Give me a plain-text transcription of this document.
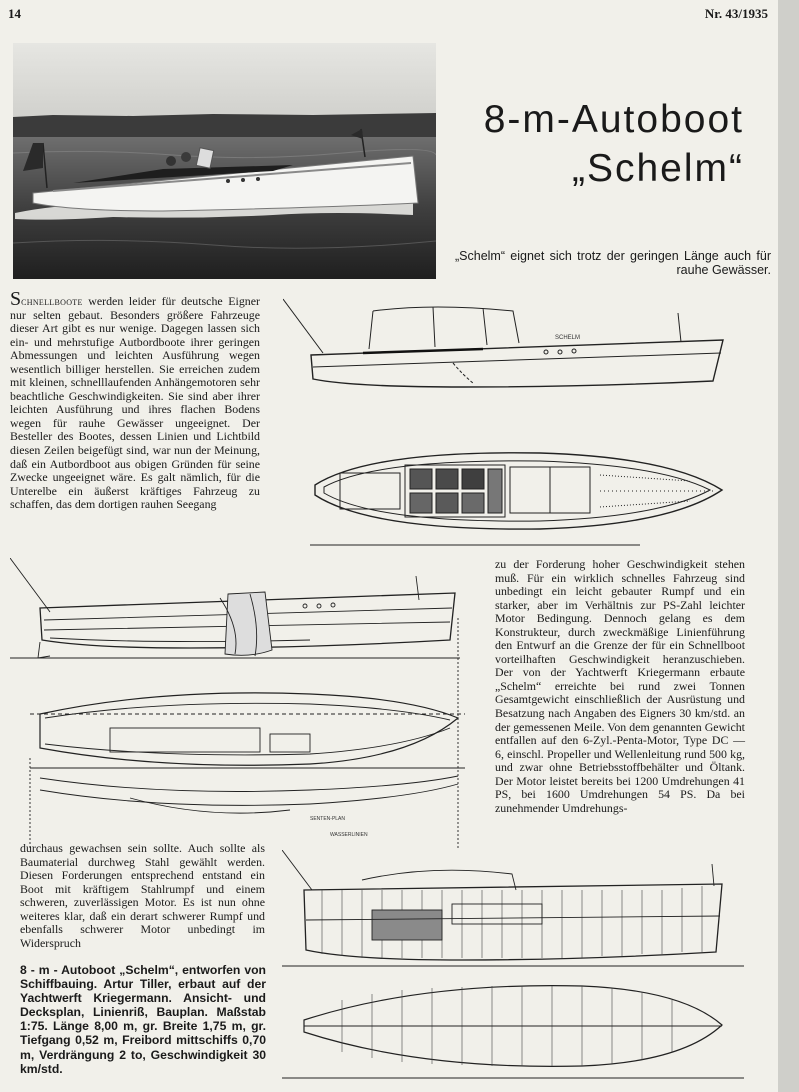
14	Nr. 43/1935
8-m-Autoboot
„Schelm“
„Schelm“ eignet sich trotz der geringen Länge auch für rauhe Gewässer.

Schnellboote werden leider für deutsche Eigner nur selten gebaut. Besonders größere Fahrzeuge dieser Art gibt es nur wenige. Dagegen lassen sich ein- und mehrstufige Autbordboote ihrer geringen Abmessungen und leichten Ausführung wegen wesentlich billiger herstellen. Sie erreichen zudem mit kleinen, schnelllaufenden Anhängemotoren sehr beachtliche Geschwindigkeiten. Sie sind aber ihrer leichten Ausführung und ihres flachen Bodens wegen für rauhe Gewässer ungeeignet. Der Besteller des Bootes, dessen Linien und Lichtbild diesen Zeilen beigefügt sind, war nun der Meinung, daß ein Autbordboot aus obigen Gründen für seine Zwecke ungeeignet wäre. Es galt nämlich, für die Unterelbe ein äußerst kräftiges Fahrzeug zu schaffen, das dem dortigen rauhen Seegang

SCHELM
zu der Forderung hoher Geschwindigkeit stehen muß. Für ein wirklich schnelles Fahrzeug sind unbedingt ein leicht gebauter Rumpf und ein starker, aber im Verhältnis zur PS-Zahl leichter Motor Bedingung. Dennoch gelang es dem Konstrukteur, durch zweckmäßige Linienführung den Entwurf an die Grenze der für ein Schnellboot vorteilhaften Geschwindigkeit heranzuschieben. Der von der Yachtwerft Kriegermann erbaute „Schelm“ erreichte bei rund zwei Tonnen Gesamtgewicht einschließlich der Ausrüstung und Besatzung nach Angaben des Eigners 30 km/std. an der gemessenen Meile. Von dem genannten Gewicht entfallen auf den 6-Zyl.-Penta-Motor, Type DC — 6, einschl. Propeller und Wellenleitung rund 500 kg, und zwar ohne Betriebsstoffbehälter und Öltank. Der Motor leistet bereits bei 1200 Umdrehungen 41 PS, bei 1600 Umdrehungen 54 PS. Da bei zunehmender Umdrehungs-
SENTEN-PLAN
WASSERLINIEN
durchaus gewachsen sein sollte. Auch sollte als Baumaterial durchweg Stahl gewählt werden. Diesen Forderungen entsprechend entstand ein Boot mit kräftigem Stahlrumpf und einem schweren, zuverlässigen Motor. Es ist nun ohne weiteres klar, daß ein derart schwerer Rumpf und ebenfalls schwerer Motor unbedingt im Widerspruch
8 - m - Autoboot „Schelm“, entworfen von Schiffbauing. Artur Tiller, erbaut auf der Yachtwerft Kriegermann. Ansicht- und Decksplan, Linienriß, Bauplan. Maßstab 1:75. Länge 8,00 m, gr. Breite 1,75 m, gr. Tiefgang 0,52 m, Freibord mittschiffs 0,70 m, Verdrängung 2 to, Geschwindigkeit 30 km/std.
